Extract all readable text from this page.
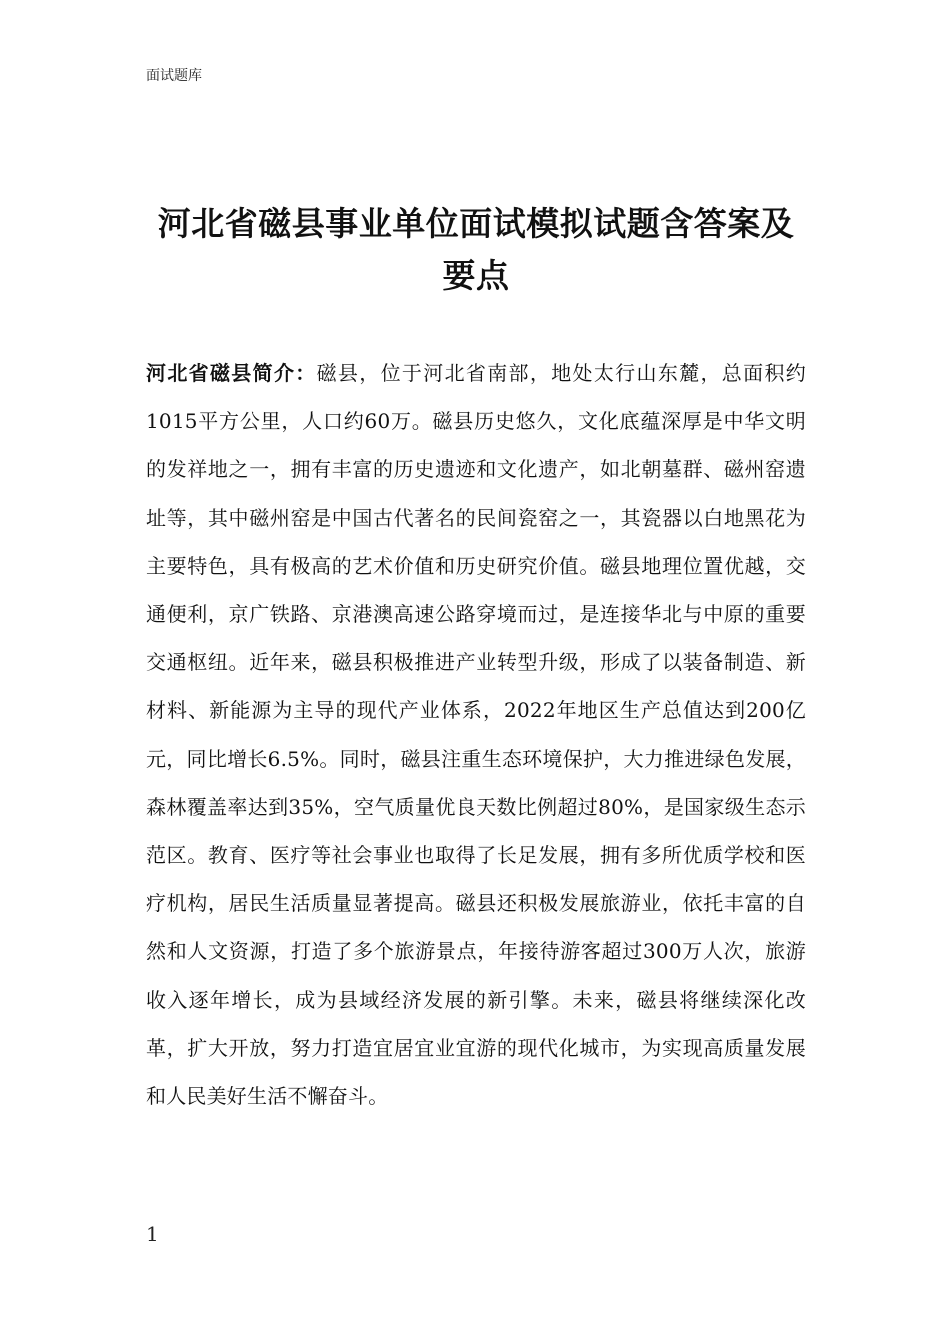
面试题库
河北省磁县事业单位面试模拟试题含答案及要点

河北省磁县简介：磁县，位于河北省南部，地处太行山东麓，总面积约1015平方公里，人口约60万。磁县历史悠久，文化底蕴深厚是中华文明的发祥地之一，拥有丰富的历史遗迹和文化遗产，如北朝墓群、磁州窑遗址等，其中磁州窑是中国古代著名的民间瓷窑之一，其瓷器以白地黑花为主要特色，具有极高的艺术价值和历史研究价值。磁县地理位置优越，交通便利，京广铁路、京港澳高速公路穿境而过，是连接华北与中原的重要交通枢纽。近年来，磁县积极推进产业转型升级，形成了以装备制造、新材料、新能源为主导的现代产业体系，2022年地区生产总值达到200亿元，同比增长6.5%。同时，磁县注重生态环境保护，大力推进绿色发展，森林覆盖率达到35%，空气质量优良天数比例超过80%，是国家级生态示范区。教育、医疗等社会事业也取得了长足发展，拥有多所优质学校和医疗机构，居民生活质量显著提高。磁县还积极发展旅游业，依托丰富的自然和人文资源，打造了多个旅游景点，年接待游客超过300万人次，旅游收入逐年增长，成为县域经济发展的新引擎。未来，磁县将继续深化改革，扩大开放，努力打造宜居宜业宜游的现代化城市，为实现高质量发展和人民美好生活不懈奋斗。

1
